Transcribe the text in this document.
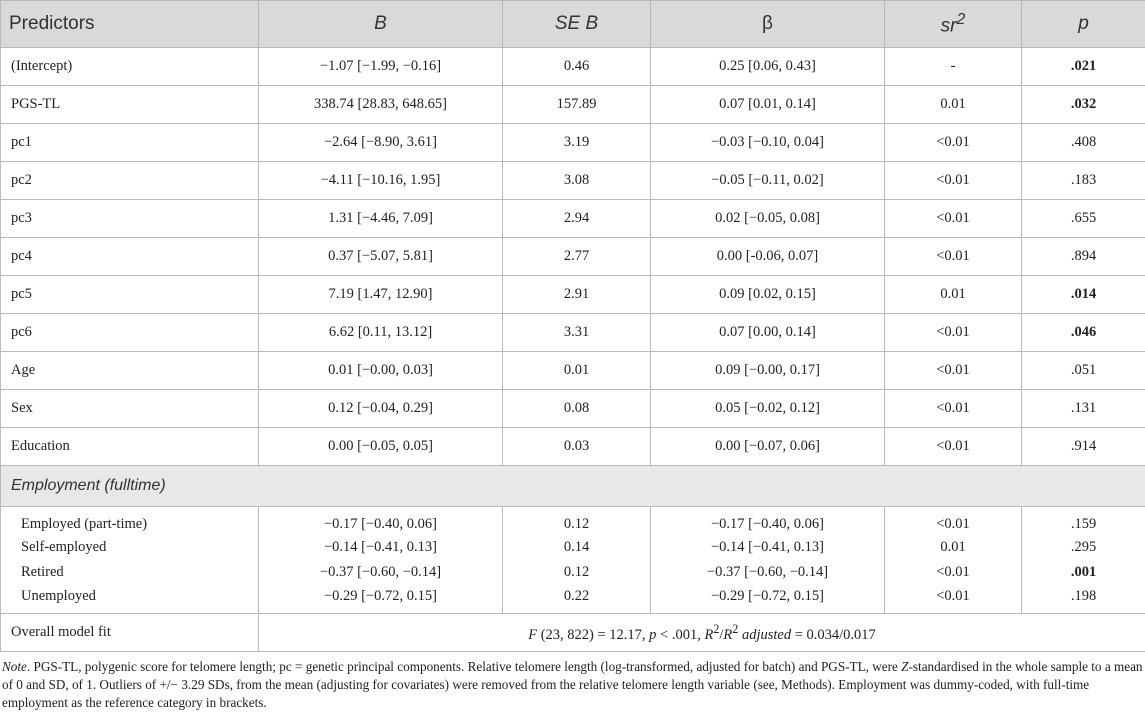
Predictors	B	SE B	β	$sr^2$	p
(Intercept)	−1.07 [−1.99, −0.16]	0.46	0.25 [0.06, 0.43]	-	.021
PGS-TL	338.74 [28.83, 648.65]	157.89	0.07 [0.01, 0.14]	0.01	.032
pc1	−2.64 [−8.90, 3.61]	3.19	−0.03 [−0.10, 0.04]	<0.01	.408
pc2	−4.11 [−10.16, 1.95]	3.08	−0.05 [−0.11, 0.02]	<0.01	.183
pc3	1.31 [−4.46, 7.09]	2.94	0.02 [−0.05, 0.08]	<0.01	.655
pc4	0.37 [−5.07, 5.81]	2.77	0.00 [-0.06, 0.07]	<0.01	.894
pc5	7.19 [1.47, 12.90]	2.91	0.09 [0.02, 0.15]	0.01	.014
pc6	6.62 [0.11, 13.12]	3.31	0.07 [0.00, 0.14]	<0.01	.046
Age	0.01 [−0.00, 0.03]	0.01	0.09 [−0.00, 0.17]	<0.01	.051
Sex	0.12 [−0.04, 0.29]	0.08	0.05 [−0.02, 0.12]	<0.01	.131
Education	0.00 [−0.05, 0.05]	0.03	0.00 [−0.07, 0.06]	<0.01	.914
Employment (fulltime)					
Employed (part-time)	−0.17 [−0.40, 0.06]	0.12	−0.17 [−0.40, 0.06]	<0.01	.159
Self-employed	−0.14 [−0.41, 0.13]	0.14	−0.14 [−0.41, 0.13]	0.01	.295
Retired	−0.37 [−0.60, −0.14]	0.12	−0.37 [−0.60, −0.14]	<0.01	.001
Unemployed	−0.29 [−0.72, 0.15]	0.22	−0.29 [−0.72, 0.15]	<0.01	.198
Overall model fit	F (23, 822) = 12.17, p < .001, $R^2/R^2$ adjusted = 0.034/0.017				
Note. PGS-TL, polygenic score for telomere length; pc = genetic principal components. Relative telomere length (log-transformed, adjusted for batch) and PGS-TL, were Z-standardised in the whole sample to a mean of 0 and SD, of 1. Outliers of +/− 3.29 SDs, from the mean (adjusting for covariates) were removed from the relative telomere length variable (see, Methods). Employment was dummy-coded, with full-time employment as the reference category in brackets.
